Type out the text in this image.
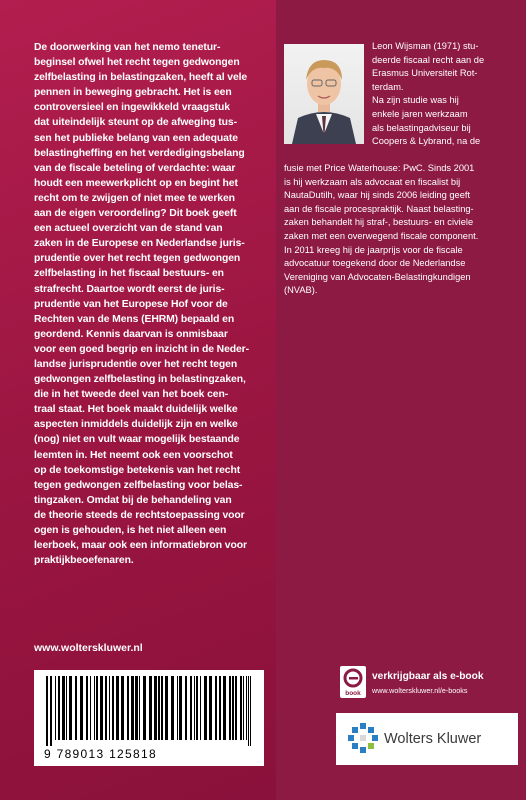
De doorwerking van het nemo tenetur-
beginsel ofwel het recht tegen gedwongen
zelfbelasting in belastingzaken, heeft al vele
pennen in beweging gebracht. Het is een
controversieel en ingewikkeld vraagstuk
dat uiteindelijk steunt op de afweging tus-
sen het publieke belang van een adequate
belastingheffing en het verdedigingsbelang
van de fiscale beteling of verdachte: waar
houdt een meewerkplicht op en begint het
recht om te zwijgen of niet mee te werken
aan de eigen veroordeling? Dit boek geeft
een actueel overzicht van de stand van
zaken in de Europese en Nederlandse juris-
prudentie over het recht tegen gedwongen
zelfbelasting in het fiscaal bestuurs- en
strafrecht. Daartoe wordt eerst de juris-
prudentie van het Europese Hof voor de
Rechten van de Mens (EHRM) bepaald en
geordend. Kennis daarvan is onmisbaar
voor een goed begrip en inzicht in de Neder-
landse jurisprudentie over het recht tegen
gedwongen zelfbelasting in belastingzaken,
die in het tweede deel van het boek cen-
traal staat. Het boek maakt duidelijk welke
aspecten inmiddels duidelijk zijn en welke
(nog) niet en vult waar mogelijk bestaande
leemten in. Het neemt ook een voorschot
op de toekomstige betekenis van het recht
tegen gedwongen zelfbelasting voor belas-
tingzaken. Omdat bij de behandeling van
de theorie steeds de rechtstoepassing voor
ogen is gehouden, is het niet alleen een
leerboek, maar ook een informatiebron voor
praktijkbeoefenaren.

Leon Wijsman (1971) stu-
deerde fiscaal recht aan de
Erasmus Universiteit Rot-
terdam.
Na zijn studie was hij
enkele jaren werkzaam
als belastingadviseur bij
Coopers & Lybrand, na de

fusie met Price Waterhouse: PwC. Sinds 2001
is hij werkzaam als advocaat en fiscalist bij
NautaDutilh, waar hij sinds 2006 leiding geeft
aan de fiscale procespraktijk. Naast belasting-
zaken behandelt hij straf-, bestuurs- en civiele
zaken met een overwegend fiscale component.
In 2011 kreeg hij de jaarprijs voor de fiscale
advocatuur toegekend door de Nederlandse
Vereniging van Advocaten-Belastingkundigen
(NVAB).

www.wolterskluwer.nl
9 789013 125818
book
verkrijgbaar als e-book
www.wolterskluwer.nl/e-books
Wolters Kluwer
